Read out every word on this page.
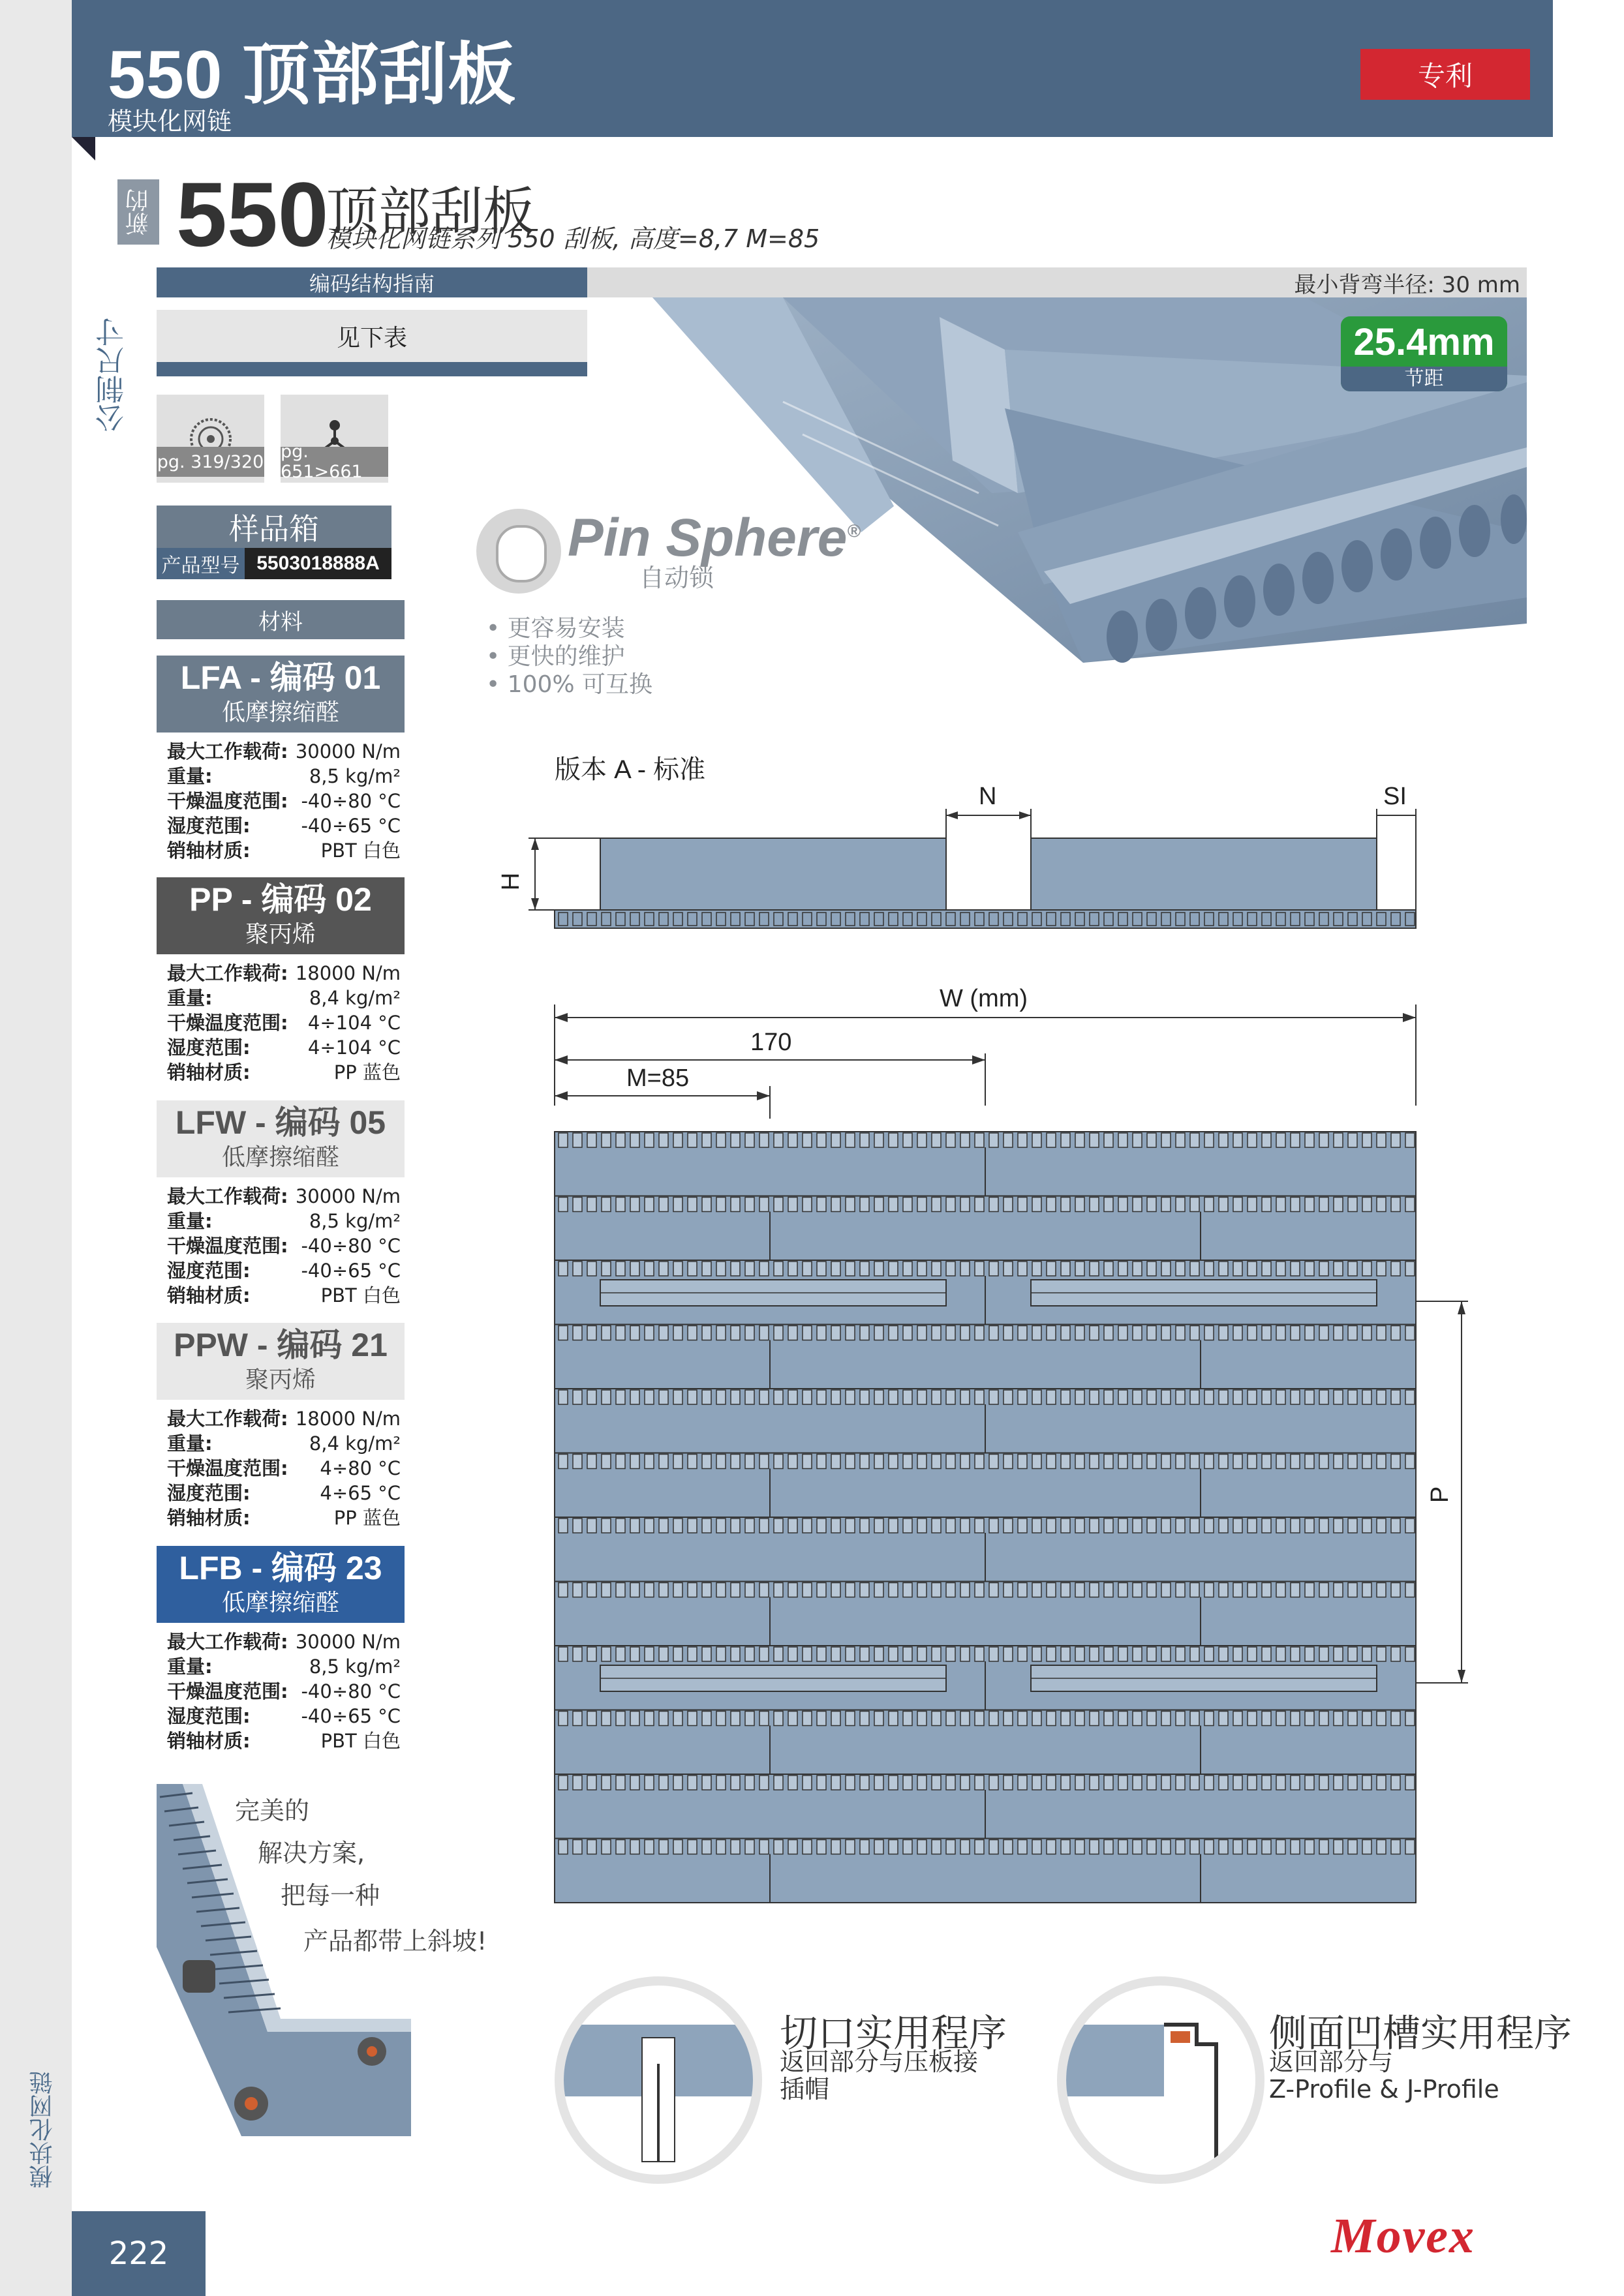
公制尺寸
模块化网链
222
550 顶部刮板
模块化网链
专利
新的 550
顶部刮板
模块化网链系列 550 刮板, 高度=8,7 M=85
编码结构指南
见下表
最小背弯半径: 30 mm
25.4mm
节距
pg. 319/320 pg. 651>661
样品箱
产品型号 5503018888A
材料
LFA - 编码 01
低摩擦缩醛
最大工作载荷: 30000 N/m
重量:	8,5 kg/m²
干燥温度范围: -40÷80 °C
湿度范围:	-40÷65 °C
销轴材质:	PBT 白色
PP - 编码 02
聚丙烯
最大工作载荷: 18000 N/m
重量:	8,4 kg/m²
干燥温度范围: 4÷104 °C
湿度范围:	4÷104 °C
销轴材质:	PP 蓝色
LFW - 编码 05
低摩擦缩醛
最大工作载荷: 30000 N/m
重量:	8,5 kg/m²
干燥温度范围: -40÷80 °C
湿度范围:	-40÷65 °C
销轴材质:	PBT 白色
PPW - 编码 21
聚丙烯
最大工作载荷: 18000 N/m
重量:	8,4 kg/m²
干燥温度范围: 4÷80 °C
湿度范围:	4÷65 °C
销轴材质:	PP 蓝色
LFB - 编码 23
低摩擦缩醛
最大工作载荷: 30000 N/m
重量:	8,5 kg/m²
干燥温度范围: -40÷80 °C
湿度范围:	-40÷65 °C
销轴材质:	PBT 白色
Pin Sphere®
自动锁
• 更容易安装
• 更快的维护
• 100% 可互换
版本 A - 标准
N	SI
H
W (mm)
170
M=85
P
完美的
解决方案,
把每一种
产品都带上斜坡!
切口实用程序
返回部分与压板接
插帽
侧面凹槽实用程序
返回部分与
Z-Profile & J-Profile
Movex
